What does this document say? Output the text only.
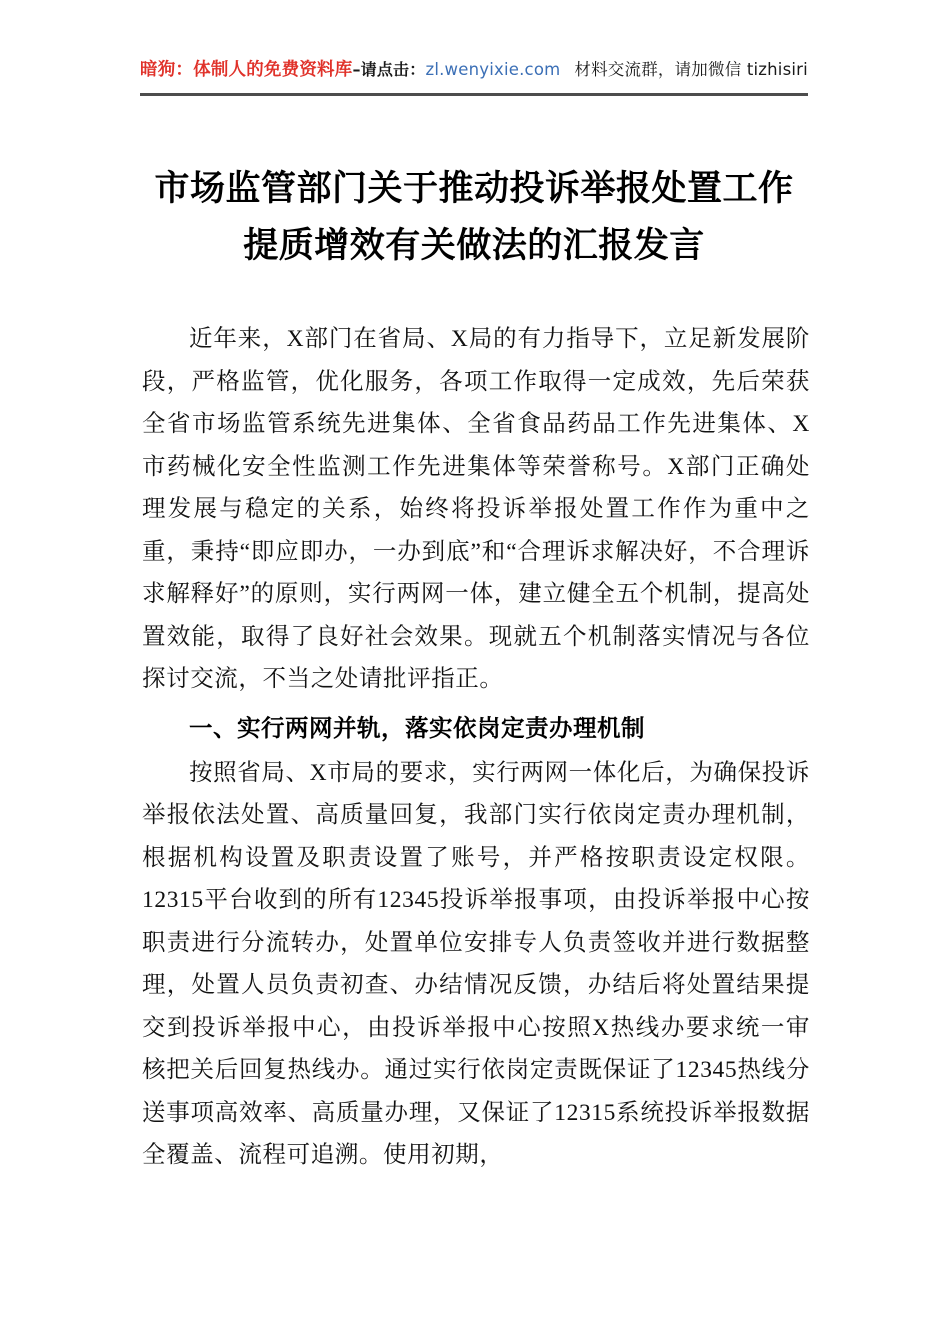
暗狗：体制人的免费资料库–请点击：zl.wenyixie.com 材料交流群，请加微信 tizhisiri
市场监管部门关于推动投诉举报处置工作
提质增效有关做法的汇报发言

近年来，X部门在省局、X局的有力指导下，立足新发展阶段，严格监管，优化服务，各项工作取得一定成效，先后荣获全省市场监管系统先进集体、全省食品药品工作先进集体、X市药械化安全性监测工作先进集体等荣誉称号。X部门正确处理发展与稳定的关系，始终将投诉举报处置工作作为重中之重，秉持“即应即办，一办到底”和“合理诉求解决好，不合理诉求解释好”的原则，实行两网一体，建立健全五个机制，提高处置效能，取得了良好社会效果。现就五个机制落实情况与各位探讨交流，不当之处请批评指正。

一、实行两网并轨，落实依岗定责办理机制

按照省局、X市局的要求，实行两网一体化后，为确保投诉举报依法处置、高质量回复，我部门实行依岗定责办理机制，根据机构设置及职责设置了账号，并严格按职责设定权限。12315平台收到的所有12345投诉举报事项，由投诉举报中心按职责进行分流转办，处置单位安排专人负责签收并进行数据整理，处置人员负责初查、办结情况反馈，办结后将处置结果提交到投诉举报中心，由投诉举报中心按照X热线办要求统一审核把关后回复热线办。通过实行依岗定责既保证了12345热线分送事项高效率、高质量办理，又保证了12315系统投诉举报数据全覆盖、流程可追溯。使用初期，
